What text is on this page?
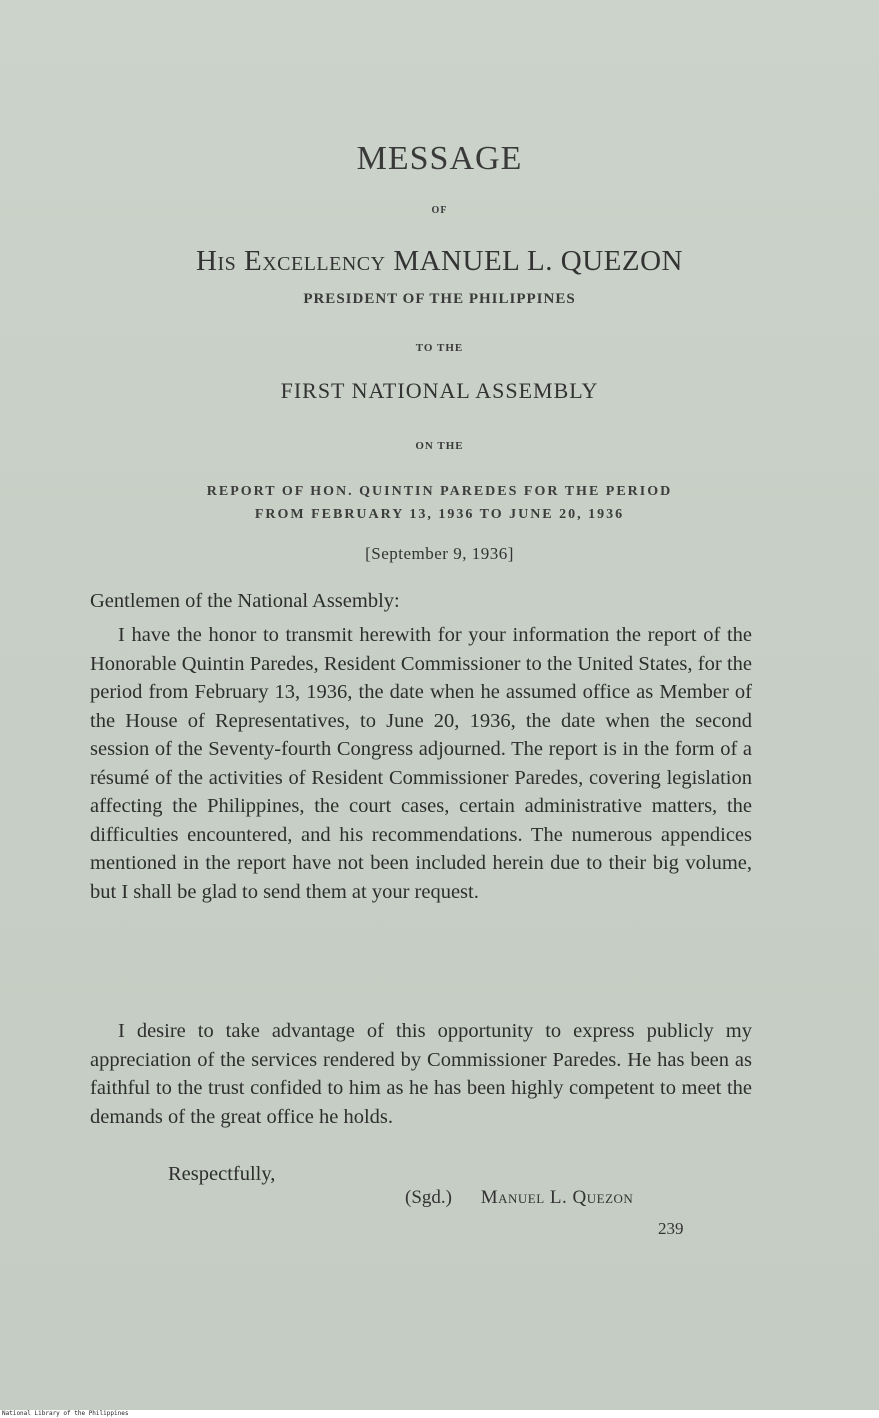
MESSAGE
OF
His Excellency MANUEL L. QUEZON
PRESIDENT OF THE PHILIPPINES
TO THE
FIRST NATIONAL ASSEMBLY
ON THE
REPORT OF HON. QUINTIN PAREDES FOR THE PERIOD
FROM FEBRUARY 13, 1936 TO JUNE 20, 1936
[September 9, 1936]
Gentlemen of the National Assembly:
I have the honor to transmit herewith for your information the report of the Honorable Quintin Paredes, Resident Commissioner to the United States, for the period from February 13, 1936, the date when he assumed office as Member of the House of Representatives, to June 20, 1936, the date when the second session of the Seventy-fourth Congress adjourned. The report is in the form of a résumé of the activities of Resident Commissioner Paredes, covering legislation affecting the Philippines, the court cases, certain administrative matters, the difficulties encountered, and his recommendations. The numerous appendices mentioned in the report have not been included herein due to their big volume, but I shall be glad to send them at your request.
I desire to take advantage of this opportunity to express publicly my appreciation of the services rendered by Commissioner Paredes. He has been as faithful to the trust confided to him as he has been highly competent to meet the demands of the great office he holds.
Respectfully,
(Sgd.) Manuel L. Quezon
239
National Library of the Philippines
